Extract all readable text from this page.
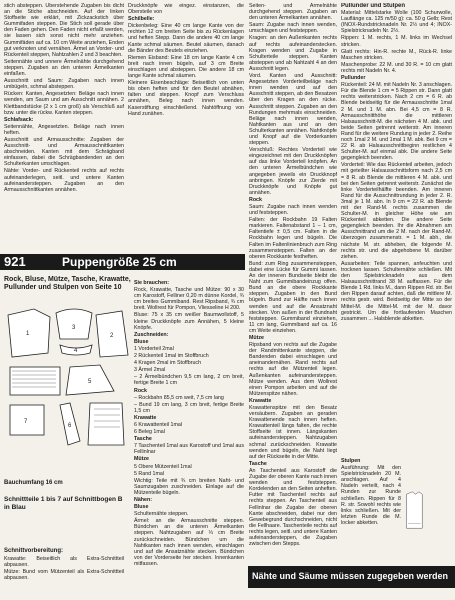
stich absteppen. Überstehende Zugaben bis dicht an die Stiche abschneiden. Auf der linken Stoffseite wie erklärt, mit Zickzackstich über Gummifaden steppen. Die Stich soll gerade über den Faden gehen. Den Faden nicht erfaßt werden, sie lassen sich sonst nicht mehr anziehen. Gummifäden auf ca. 10 cm Weite anziehen, Enden gut verknoten und vernähen. Ärmel an Vorder- und Rückenteil steppen, Nahtzahlen 2 und 3 beachten.

Seitennähte und unnere Ärmelnähte durchgehend steppen. Zugaben an den unteren Ärmelkanten einfaßen.

Ausschnitt und Saum: Zugaben nach innen umbügeln, schmal absteppen.

Rücken: Kanten, Angesetzten: Beläge nach innen wenden, am Saum und am Ausschnitt annähen. 2 Klettbandstücke (2 x 1 cm groß) als Verschluß auf bzw. unter die rückw. Kanten steppen.

Schlafsack:

Seitennähte, Angesetzten. Beläge nach innen heften.

Ausschnitt und Armausschnitte: Zugaben der Ausschnitt- und Armausschnittkanten abschneiden. Kanten mit dem Schrägband einfassen, dabei die Schrägbandenden an den Schulterkanten umschlagen.

Nähte: Vorder- und Rückenteil rechts auf rechts aufeinanderlegen, seitl. und untere Kanten aufeinandersteppen. Zugaben an den Armausschnittkanten annähen.

Druckknöpfe wie eingez. einstanzen, die Obersteile von

Schilbelle:

Dickenbeleg: Eine 40 cm lange Kante von der rechten 12 cm breiten Seite bis zu Rückenlagen und heften Stepp. Dann die andere 40 cm lange Kante schmal säumen. Beutel säumen, danach die Bänder des Beutels einziehen.

Riemen Eisband: Eine 18 cm lange Kante 4 cm breit nach innen bügeln, auf 3 cm Breite einschlagen und absteppen. Die andere 18 cm lange Kante schmal säumen.

Kleinere Eisenbeschläge: Beiseitlich von unten bis oben heften und für den Beutel abnähen, falten und steppen. Knopf zum Verschluss annähen, Beleg nach innen wenden. Kaserstiftung einschließend. Nahtöffnung von Hand zunähen.

921	Puppengröße 25 cm
Rock, Bluse, Mütze, Tasche, Krawatte, Pullunder und Stulpen von Seite 10
1
3
2
4
5
7
6
Bauchumfang 16 cm
Schnittteile 1 bis 7 auf Schnittbogen B in Blau
Schnittvorbereitung:

Krawatte: Beiseitlich als Extra-Schnittteil abpausen.

Mütze: Bund vom Mützenteil als Extra-Schnittteil abpausen.

Sie brauchen:

Rock, Krawatte, Tasche und Mütze: 90 x 30 cm Karostoff, Felliner 0,20 m dünne Kordel, ¾ cm breites Gummiband. Rest Ripsband, ¾ cm breit. Wollrest für Pompon, Vliesseline H 200.

Bluse: 75 x 35 cm weißer Baumwollstoff, 5 kleine Druckknöpfe zum Annähen, 5 kleine Knöpfe.

Zuschneiden:

Bluse

1 Vorderteil 2mal

2 Rückenteil 1mal im Stoffbruch

4 Kragen 2mal im Stoffbruch

3 Ärmel 2mal

– 2 Ärmelbündchen 9,5 cm lang, 2 cm breit, fertige Breite 1 cm

Rock

– Rockbahn 85,5 cm weit, 7,5 cm lang

– Bund 19 cm lang, 3 cm breit, fertige Breite 1,5 cm

Krawatte

6 Krawattenteil 1mal

6 Beleg 1mal

Tasche

7 Taschenteil 1mal aus Karostoff und 1mal aus Fellinlnar

Mütze

5 Obere Mützenteil 1mal

5 Rand 1mal

Wichtig: Teile mit ¾ cm breiten Naht- und Saumzugaben zuschneiden. Einlage auf die Mützenteile bügeln.

Nähen:

Bluse

Schulternähte steppen.

Ärmel: an die Armausschnitte steppen. Bündchen an die unteren Ärmelkanten steppen. Nahtzugaben auf ⅓ cm Breite zurückschneiden. Bündchen um die Nahtkanten nach innen wenden, einschlagen und auf die Ansatznähte stecken. Bündchen von der Vorderseite her stecken. Innenkanten mitfassen.

Seiten- und Ärmelnähte durchgehend steppen. Zugaben an den unteren Ärmelkanten annähen.

Saum: Zugabe nach innen wenden, umschlagen und feststeppen.

Kragen: an den Außenkanten rechts auf rechts aufeinanderstecken. Kragen wenden und Zugabe in Schulterteile steppen. Kanten absteppen und ab Nahtzahl 4 an den Ausschnitt legen.

Vord. Kanten und Ausschnitt: Angesetzten Vorderteilbeläge nach innen wenden und auf den Ausschnitt steppen, ab den Besatzen über den Kragen an den rücke. Ausschnitt steppen. Zugaben an den Rundungen mehrmals einschneiden. Beläge nach innen wenden, Nahtkanten aus und an den Schulterkanten annähen. Nahtknöpfe und Knopf auf die Vorderkanten steppen.

Verschluß: Rechtes Vorderteil wie eingezeichnet mit den Druckknöpfen auf das linke Vorderteil knöpfen. An den unteren Ärmelbündchen wie angegeben jeweils ein Druckknopf anbringen. Knöpfe zur Zierde mit Druckknöpfe und Knöpfe gut annähen.

Rock

Saum: Zugabe nach innen wenden und feststeppen.

Falten: der Rockbahn 19 Falten markieren. Faltenabstand 1 – 1 cm, Faltentiefe ± 0,5 cm. Falten in die Rockbahn legen und bügeln. Die Falten im Faltenlinienbruch zum Ring zusammensteppen. Falten an der oberen Rockkante festheften.

Bund: zum Ring zusammensteppen, dabei eine Lücke für Gummi lassen. An der inneren Bundseite bleibt die Naht zum Gummibandeinzug offen. Bund an die obere Rockkante steppen. Zugaben in den Bund bügeln. Bund zur Hälfte nach innen wenden und auf die Ansatznaht stecken. Von außen in der Bundnaht feststeppen. Gummiband einziehen, 11 cm lang, Gummiband auf ca. 16 cm Weite einziehen.

Mütze

Ripsband von rechts auf die Zugabe der Randmittenkante steppen, die Bandenden dabei einschlagen und aneinandernähen. Rand rechts auf rechts auf die Mützenteil legen. Außenkanten aufeinandersteppen. Mütze wenden. Aus dem Wollrest einen Pompon arbeiten und auf die Mützenspitze nähen.

Krawatte

Krawattenspitze mit den Besatz versäubern. Zugaben an geraden Krawattenende nach innen heften. Krawattenteil längs falten, die rechte Stoffseite ist innen. Längskanten aufeinandersteppen. Nahtzugaben schmal zurückschneiden. Krawatte wenden und bügeln, die Naht liegt auf der Rückseite in der Mitte.

Tasche

An Taschenteil aus Karostoff die Zugabe der oberen Kante nach innen wenden und feststeppen. Kordelenden an den Seiten anheften. Futter mit Taschenteil rechts auf rechts steppen. An Taschenteil aus Fellinlnar die Zugabe der oberen Kante abschneiden, dabei nur den Gewebegrund durchschneiden, nicht die Fellhaare. Taschenteile rechts auf rechts legen, seitl. und untere Kanten aufeinandersteppen, die Zugaben zwischen den Stepps.

Pullunder und Stulpen

Material: Mittelstarke Wolle (100 Schurwolle, Lauflänge ca. 125 m/50 g): ca. 50 g Gelb; Rest (INOX-Rundstricknadeln Nr. 2½ und 4; INOX-Spielstricknadeln Nr. 2½.

Rippen: 1 M. rechts, 1 M. links im Wechsel stricken.

Glatt rechts: Hin-R. rechte M., Rück-R. linke Maschen stricken.

Maschenprobe: 22 M. und 30 R. = 10 cm glatt rechts mit Nadeln Nr. 4.

Pullunder

Rückenteil: 24 M. mit Nadeln Nr. 3 anschlagen. Für die Blende 1 cm = 5 Rippen str. Dann glatt rechts weiterstricken. Nach 2 cm = 6 R. ab Blende beidseitig für die Armausschnitte 1mal 2 M. und 1 M. abn. Bei 4,5 cm = 8 R. Armausschnitthöhe die mittleren Halsausschnitt-M. die nächsten 4 M. abk. und beide Seiten getrennt weiterstr. Am inneren Rand für die weitere Rundung in jeder 2. Reihe noch 1mal 2 M. und 1mal 1 M. abk. Bei 9 cm = 22 R. ab Halsausschnittbeginn restlichen 4 Schulter-M. auf einmal abk. Die andere Seite gegengleich beenden.

Vorderteil: Wie das Rückenteil arbeiten, jedoch mit geteilter Halsausschnittsform nach 2,5 cm = 8 R. ab Blende die mittleren 4 M. abk. und bei den Seiten getrennt weiterstr. Zunächst die linke Vorderteilhälfte beenden. Am inneren Rand für die Ausschnittrundung in jeder 2. R. 3mal je 1 M. abn. In 9 cm = 22 R. ab Blende mit der Rand-M. rechts zusammen die Schulter-M. in gleicher Höhe wie am Rückenteil abketten. Die andere Seite gegengleich beenden. Ihr die Abnahmen am Ausschnittrand um die 2 M. nach der Rand-M. überzogen zusammenstr. = 1 M. abh., die nächste M. str. abheben, die folgende M. rechts str. und die abgehobene M. darüber ziehen.

Ausarbeiten: Teile spannen, anfeuchten und trocknen lassen. Schulternähte schließen. Mit den Spielstricknadeln aus dem Halsausschnittrand 38 M. auffassen. Für die Blende 1 Rd. links M., dann Rippen Rd. str. Bei den Rippen darauf achten, daß die mittlere M. rechts gestr. wird. Beidseitig der Mitte so der Mittel-M. die Mittel-M. mit der M. davor gestrickt. Um die fortlaufenden Maschen zusammen ... Halsblende abketten.

Stulpen

Ausführung: Mit den Spielstricknadeln 20 M. anschlagen. Auf 4 Nadeln verteilt, nach 4 Runden zur Runde schließen. Rippen für 8 R. str. Sowohl rechts wie links schließen. Mit der letzten Runde die M. locker abketten.

Nähte und Säume müssen zugegeben werden
